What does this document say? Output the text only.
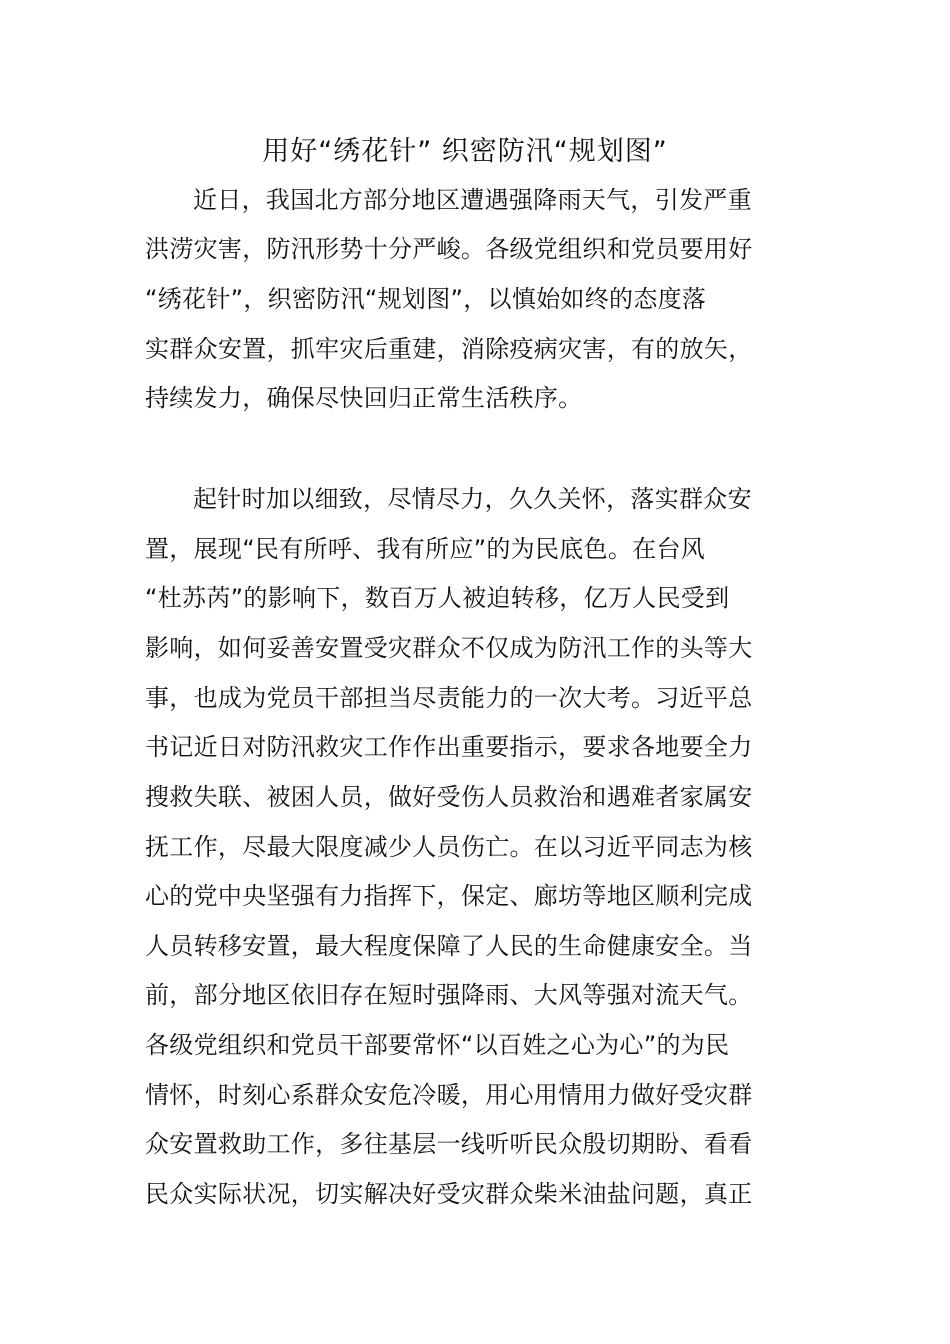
用好“绣花针” 织密防汛“规划图”
近日，我国北方部分地区遭遇强降雨天气，引发严重
洪涝灾害，防汛形势十分严峻。各级党组织和党员要用好
“绣花针”，织密防汛“规划图”，以慎始如终的态度落
实群众安置，抓牢灾后重建，消除疫病灾害，有的放矢，
持续发力，确保尽快回归正常生活秩序。
起针时加以细致，尽情尽力，久久关怀，落实群众安
置，展现“民有所呼、我有所应”的为民底色。在台风
“杜苏芮”的影响下，数百万人被迫转移，亿万人民受到
影响，如何妥善安置受灾群众不仅成为防汛工作的头等大
事，也成为党员干部担当尽责能力的一次大考。习近平总
书记近日对防汛救灾工作作出重要指示，要求各地要全力
搜救失联、被困人员，做好受伤人员救治和遇难者家属安
抚工作，尽最大限度减少人员伤亡。在以习近平同志为核
心的党中央坚强有力指挥下，保定、廊坊等地区顺利完成
人员转移安置，最大程度保障了人民的生命健康安全。当
前，部分地区依旧存在短时强降雨、大风等强对流天气。
各级党组织和党员干部要常怀“以百姓之心为心”的为民
情怀，时刻心系群众安危冷暖，用心用情用力做好受灾群
众安置救助工作，多往基层一线听听民众殷切期盼、看看
民众实际状况，切实解决好受灾群众柴米油盐问题，真正
